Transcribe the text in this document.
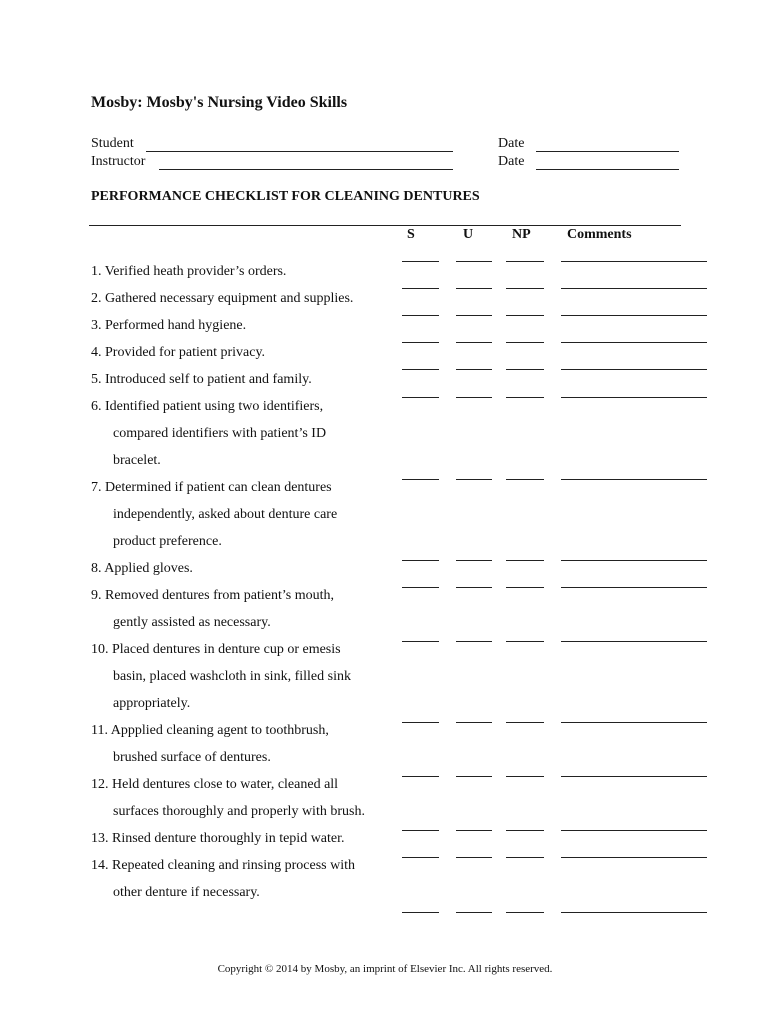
Mosby: Mosby's Nursing Video Skills
Student
Instructor
Date
Date
PERFORMANCE CHECKLIST FOR CLEANING DENTURES
S	U	NP	Comments
1. Verified heath provider’s orders.
2. Gathered necessary equipment and supplies.
3. Performed hand hygiene.
4. Provided for patient privacy.
5. Introduced self to patient and family.
6. Identified patient using two identifiers,
compared identifiers with patient’s ID
bracelet.
7. Determined if patient can clean dentures
independently, asked about denture care
product preference.
8. Applied gloves.
9. Removed dentures from patient’s mouth,
gently assisted as necessary.
10. Placed dentures in denture cup or emesis
basin, placed washcloth in sink, filled sink
appropriately.
11. Appplied cleaning agent to toothbrush,
brushed surface of dentures.
12. Held dentures close to water, cleaned all
surfaces thoroughly and properly with brush.
13. Rinsed denture thoroughly in tepid water.
14. Repeated cleaning and rinsing process with
other denture if necessary.
Copyright © 2014 by Mosby, an imprint of Elsevier Inc. All rights reserved.
